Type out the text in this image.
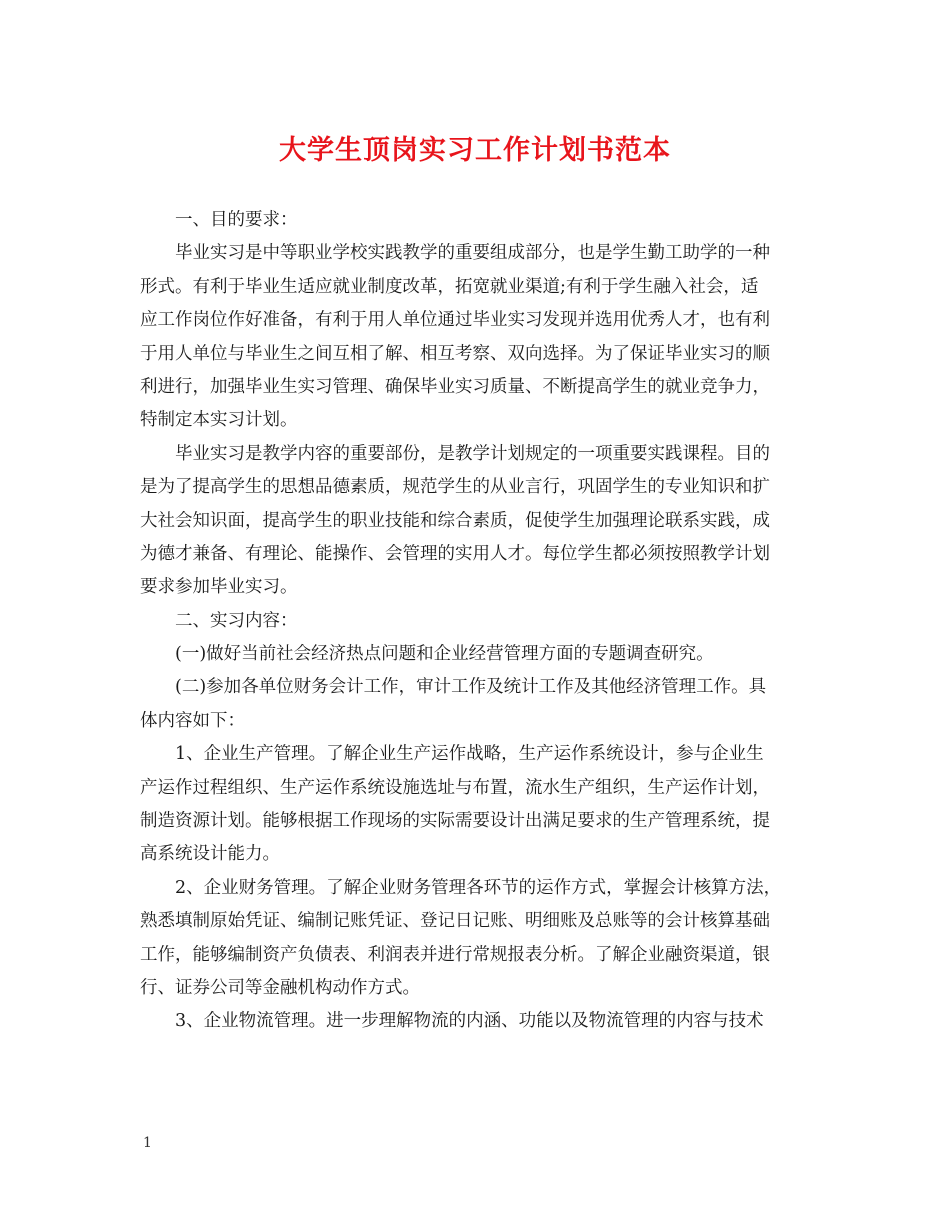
大学生顶岗实习工作计划书范本
一、目的要求：
毕业实习是中等职业学校实践教学的重要组成部分，也是学生勤工助学的一种
形式。有利于毕业生适应就业制度改革，拓宽就业渠道;有利于学生融入社会，适
应工作岗位作好准备，有利于用人单位通过毕业实习发现并选用优秀人才，也有利
于用人单位与毕业生之间互相了解、相互考察、双向选择。为了保证毕业实习的顺
利进行，加强毕业生实习管理、确保毕业实习质量、不断提高学生的就业竞争力，
特制定本实习计划。
毕业实习是教学内容的重要部份，是教学计划规定的一项重要实践课程。目的
是为了提高学生的思想品德素质，规范学生的从业言行，巩固学生的专业知识和扩
大社会知识面，提高学生的职业技能和综合素质，促使学生加强理论联系实践，成
为德才兼备、有理论、能操作、会管理的实用人才。每位学生都必须按照教学计划
要求参加毕业实习。
二、实习内容：
(一)做好当前社会经济热点问题和企业经营管理方面的专题调查研究。
(二)参加各单位财务会计工作，审计工作及统计工作及其他经济管理工作。具
体内容如下：
1、企业生产管理。了解企业生产运作战略，生产运作系统设计，参与企业生
产运作过程组织、生产运作系统设施选址与布置，流水生产组织，生产运作计划，
制造资源计划。能够根据工作现场的实际需要设计出满足要求的生产管理系统，提
高系统设计能力。
2、企业财务管理。了解企业财务管理各环节的运作方式，掌握会计核算方法，
熟悉填制原始凭证、编制记账凭证、登记日记账、明细账及总账等的会计核算基础
工作，能够编制资产负债表、利润表并进行常规报表分析。了解企业融资渠道，银
行、证券公司等金融机构动作方式。
3、企业物流管理。进一步理解物流的内涵、功能以及物流管理的内容与技术
1
